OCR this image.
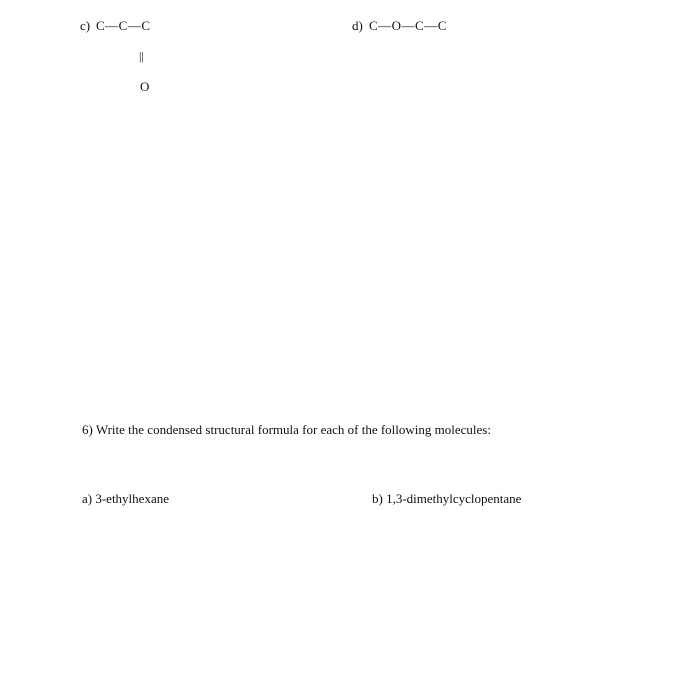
c) C—C—C
||
O
d) C—O—C—C
6) Write the condensed structural formula for each of the following molecules:
a) 3-ethylhexane	b) 1,3-dimethylcyclopentane
